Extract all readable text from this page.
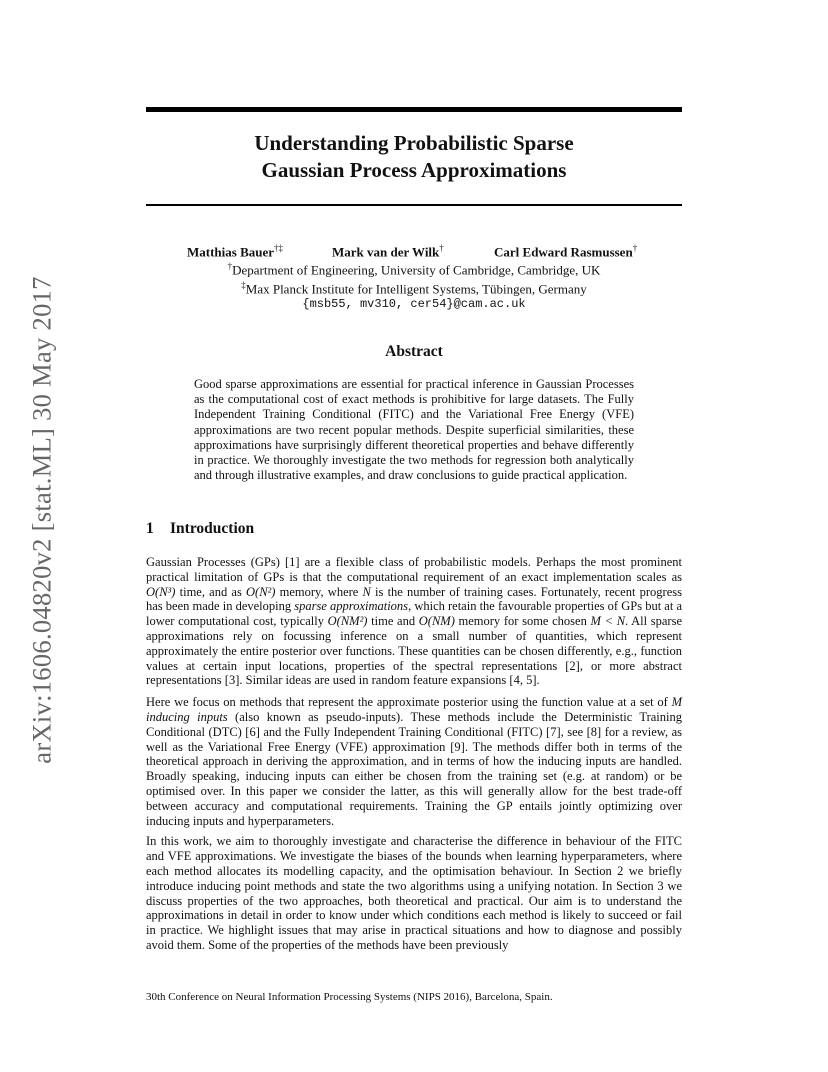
arXiv:1606.04820v2 [stat.ML] 30 May 2017
Understanding Probabilistic Sparse
Gaussian Process Approximations
Matthias Bauer†‡	Mark van der Wilk†	Carl Edward Rasmussen†
†Department of Engineering, University of Cambridge, Cambridge, UK
‡Max Planck Institute for Intelligent Systems, Tübingen, Germany
{msb55, mv310, cer54}@cam.ac.uk
Abstract

Good sparse approximations are essential for practical inference in Gaussian Processes as the computational cost of exact methods is prohibitive for large datasets. The Fully Independent Training Conditional (FITC) and the Variational Free Energy (VFE) approximations are two recent popular methods. Despite superficial similarities, these approximations have surprisingly different theoretical properties and behave differently in practice. We thoroughly investigate the two methods for regression both analytically and through illustrative examples, and draw conclusions to guide practical application.

1 Introduction

Gaussian Processes (GPs) [1] are a flexible class of probabilistic models. Perhaps the most prominent practical limitation of GPs is that the computational requirement of an exact implementation scales as O(N³) time, and as O(N²) memory, where N is the number of training cases. Fortunately, recent progress has been made in developing sparse approximations, which retain the favourable properties of GPs but at a lower computational cost, typically O(NM²) time and O(NM) memory for some chosen M < N. All sparse approximations rely on focussing inference on a small number of quantities, which represent approximately the entire posterior over functions. These quantities can be chosen differently, e.g., function values at certain input locations, properties of the spectral representations [2], or more abstract representations [3]. Similar ideas are used in random feature expansions [4, 5].

Here we focus on methods that represent the approximate posterior using the function value at a set of M inducing inputs (also known as pseudo-inputs). These methods include the Deterministic Training Conditional (DTC) [6] and the Fully Independent Training Conditional (FITC) [7], see [8] for a review, as well as the Variational Free Energy (VFE) approximation [9]. The methods differ both in terms of the theoretical approach in deriving the approximation, and in terms of how the inducing inputs are handled. Broadly speaking, inducing inputs can either be chosen from the training set (e.g. at random) or be optimised over. In this paper we consider the latter, as this will generally allow for the best trade-off between accuracy and computational requirements. Training the GP entails jointly optimizing over inducing inputs and hyperparameters.

In this work, we aim to thoroughly investigate and characterise the difference in behaviour of the FITC and VFE approximations. We investigate the biases of the bounds when learning hyperparameters, where each method allocates its modelling capacity, and the optimisation behaviour. In Section 2 we briefly introduce inducing point methods and state the two algorithms using a unifying notation. In Section 3 we discuss properties of the two approaches, both theoretical and practical. Our aim is to understand the approximations in detail in order to know under which conditions each method is likely to succeed or fail in practice. We highlight issues that may arise in practical situations and how to diagnose and possibly avoid them. Some of the properties of the methods have been previously

30th Conference on Neural Information Processing Systems (NIPS 2016), Barcelona, Spain.
